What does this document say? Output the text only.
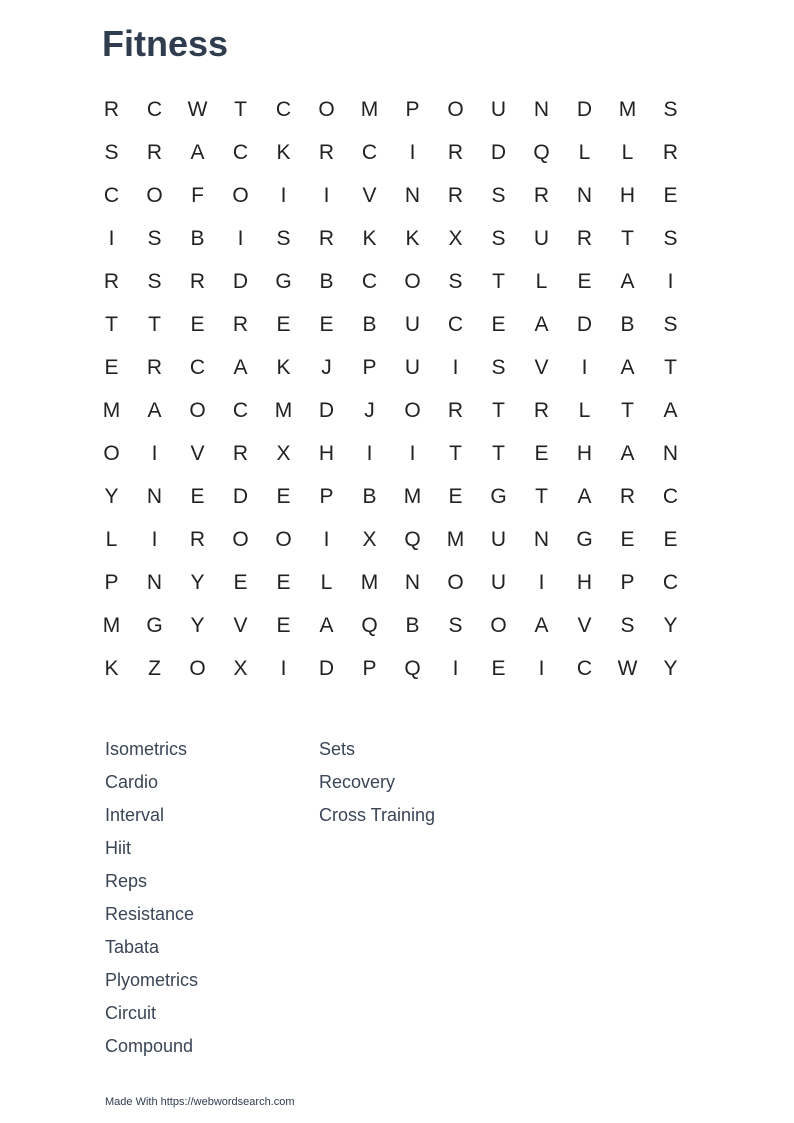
Fitness
R	C	W	T	C	O	M	P	O	U	N	D	M	S
S	R	A	C	K	R	C	I	R	D	Q	L	L	R
C	O	F	O	I	I	V	N	R	S	R	N	H	E
I	S	B	I	S	R	K	K	X	S	U	R	T	S
R	S	R	D	G	B	C	O	S	T	L	E	A	I
T	T	E	R	E	E	B	U	C	E	A	D	B	S
E	R	C	A	K	J	P	U	I	S	V	I	A	T
M	A	O	C	M	D	J	O	R	T	R	L	T	A
O	I	V	R	X	H	I	I	T	T	E	H	A	N
Y	N	E	D	E	P	B	M	E	G	T	A	R	C
L	I	R	O	O	I	X	Q	M	U	N	G	E	E
P	N	Y	E	E	L	M	N	O	U	I	H	P	C
M	G	Y	V	E	A	Q	B	S	O	A	V	S	Y
K	Z	O	X	I	D	P	Q	I	E	I	C	W	Y
Isometrics
Cardio
Interval
Hiit
Reps
Resistance
Tabata
Plyometrics
Circuit
Compound
Sets
Recovery
Cross Training
Made With https://webwordsearch.com
